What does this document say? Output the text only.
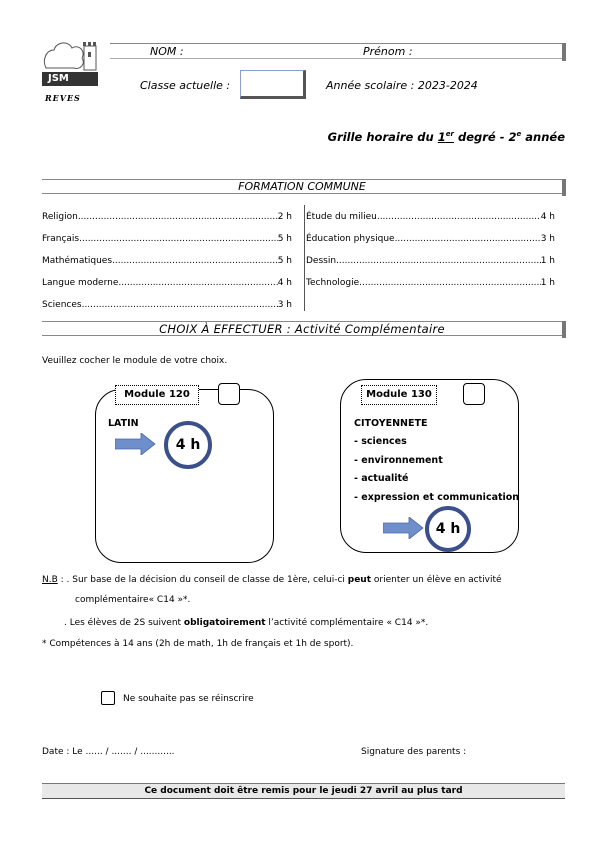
JSM
REVES
NOM :	Prénom :
Classe actuelle :	Année scolaire : 2023-2024
Grille horaire du 1er degré - 2e année
FORMATION COMMUNE
Religion .....	2 h
Français .....	5 h
Mathématiques .....	5 h
Langue moderne .....	4 h
Sciences .....	3 h
Étude du milieu .....	4 h
Éducation physique .....	3 h
Dessin .....	1 h
Technologie .....	1 h
CHOIX À EFFECTUER : Activité Complémentaire
Veuillez cocher le module de votre choix.
Module 120
LATIN
4 h
Module 130
CITOYENNETE
- sciences
- environnement
- actualité
- expression et communication
4 h
N.B : . Sur base de la décision du conseil de classe de 1ère, celui-ci peut orienter un élève en activité
complémentaire« C14 »*.
. Les élèves de 2S suivent obligatoirement l’activité complémentaire « C14 »*.
* Compétences à 14 ans (2h de math, 1h de français et 1h de sport).
Ne souhaite pas se réinscrire
Date : Le ...... / ....... / ............	Signature des parents :
Ce document doit être remis pour le jeudi 27 avril au plus tard
